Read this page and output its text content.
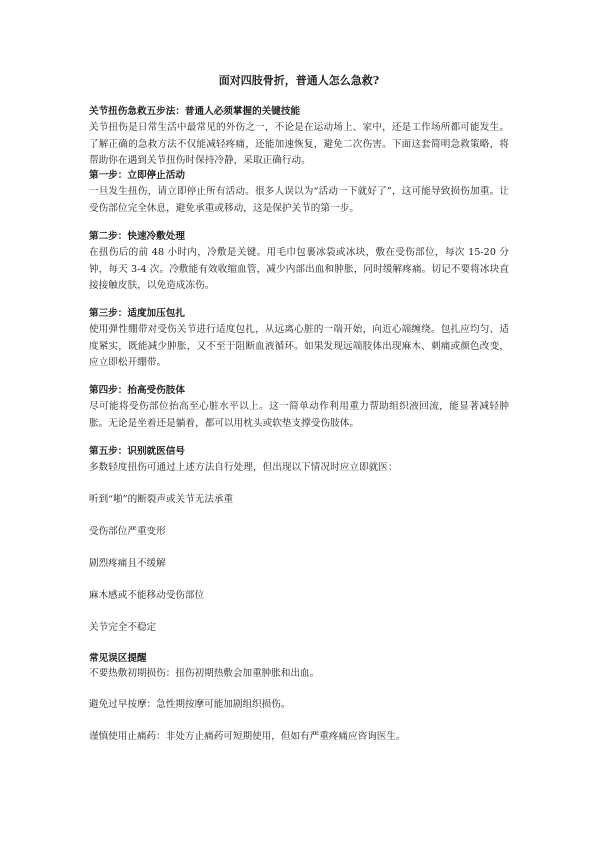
面对四肢骨折，普通人怎么急救?
关节扭伤急救五步法：普通人必须掌握的关键技能
关节扭伤是日常生活中最常见的外伤之一，不论是在运动场上、家中，还是工作场所都可能发生。了解正确的急救方法不仅能减轻疼痛，还能加速恢复，避免二次伤害。下面这套简明急救策略，将帮助你在遇到关节扭伤时保持冷静，采取正确行动。
第一步：立即停止活动
一旦发生扭伤，请立即停止所有活动。很多人误以为“活动一下就好了”，这可能导致损伤加重。让受伤部位完全休息，避免承重或移动，这是保护关节的第一步。
第二步：快速冷敷处理
在扭伤后的前 48 小时内，冷敷是关键。用毛巾包裹冰袋或冰块，敷在受伤部位，每次 15-20 分钟，每天 3-4 次。冷敷能有效收缩血管，减少内部出血和肿胀，同时缓解疼痛。切记不要将冰块直接接触皮肤，以免造成冻伤。
第三步：适度加压包扎
使用弹性绷带对受伤关节进行适度包扎，从远离心脏的一端开始，向近心端缠绕。包扎应均匀、适度紧实，既能减少肿胀，又不至于阻断血液循环。如果发现远端肢体出现麻木、刺痛或颜色改变，应立即松开绷带。
第四步：抬高受伤肢体
尽可能将受伤部位抬高至心脏水平以上。这一简单动作利用重力帮助组织液回流，能显著减轻肿胀。无论是坐着还是躺着，都可以用枕头或软垫支撑受伤肢体。
第五步：识别就医信号
多数轻度扭伤可通过上述方法自行处理，但出现以下情况时应立即就医：
听到“啪”的断裂声或关节无法承重
受伤部位严重变形
剧烈疼痛且不缓解
麻木感或不能移动受伤部位
关节完全不稳定
常见误区提醒
不要热敷初期损伤：扭伤初期热敷会加重肿胀和出血。
避免过早按摩：急性期按摩可能加剧组织损伤。
谨慎使用止痛药：非处方止痛药可短期使用，但如有严重疼痛应咨询医生。
